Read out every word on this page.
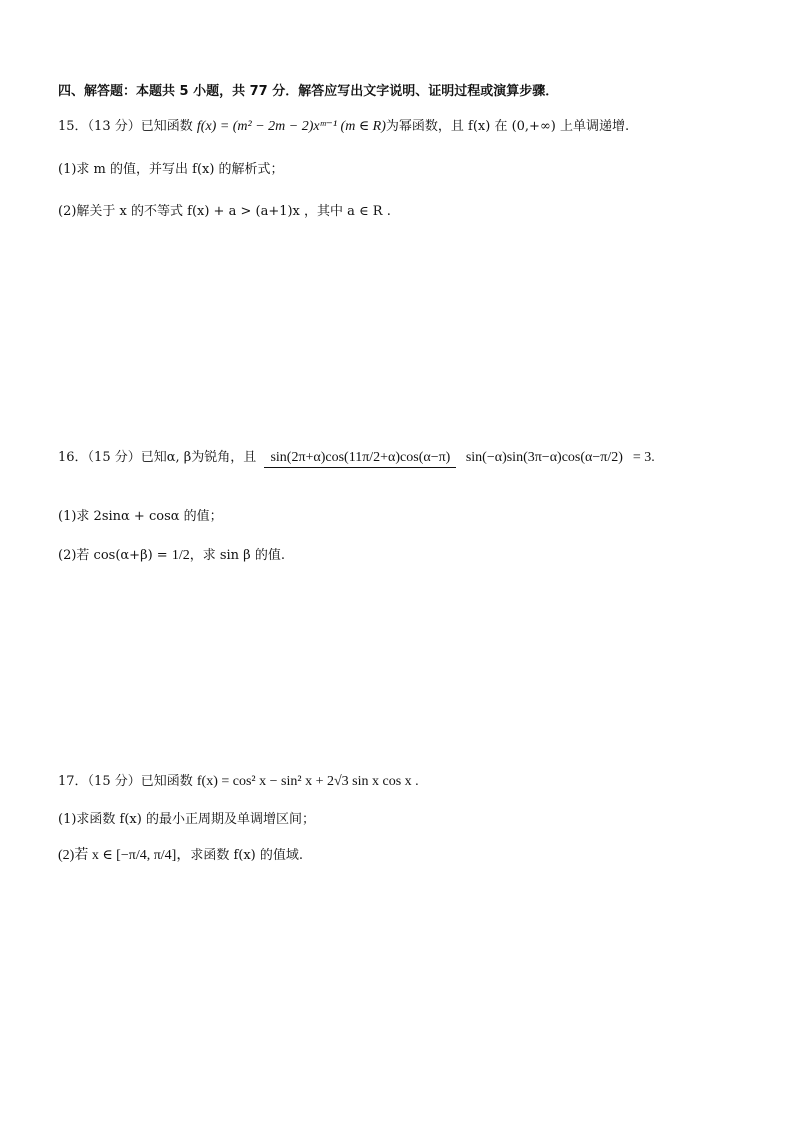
四、解答题：本题共 5 小题，共 77 分．解答应写出文字说明、证明过程或演算步骤．
15．（13 分）已知函数 f(x) = (m² − 2m − 2)xᵐ⁻¹ (m ∈ R)为幂函数，且 f(x) 在 (0,+∞) 上单调递增.
(1)求 m 的值，并写出 f(x) 的解析式；
(2)解关于 x 的不等式 f(x) + a > (a+1)x ，其中 a ∈ R .
16．（15 分）已知α, β为锐角，且 sin(2π+α)cos(11π/2+α)cos(α−π) sin(−α)sin(3π−α)cos(α−π/2) = 3.
(1)求 2sinα + cosα 的值；
(2)若 cos(α+β) = 1/2，求 sin β 的值.
17．（15 分）已知函数 f(x) = cos² x − sin² x + 2√3 sin x cos x .
(1)求函数 f(x) 的最小正周期及单调增区间；
(2)若 x ∈ [−π/4, π/4]，求函数 f(x) 的值域.
